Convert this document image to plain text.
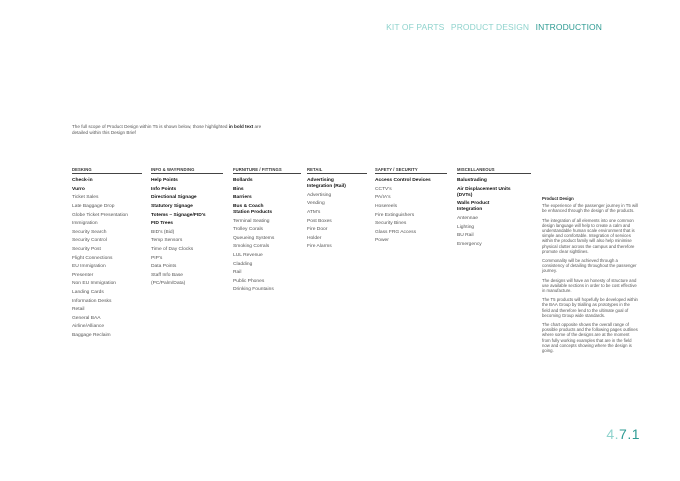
KIT OF PARTS PRODUCT DESIGN INTRODUCTION
The full scope of Product Design within T5 is shown below, those highlighted in bold text are detailed within this Design Brief
DESKING
Check-in
Vurro
Ticket Sales
Late Baggage Drop
Globe Ticket Presentation
Immigration
Security Search
Security Control
Security Post
Flight Connections
EU Immigration
Presenter
Non EU Immigration
Landing Cards
Information Desks
Retail
General BAA
Airline/Alliance
Baggage Reclaim
INFO & WAYFINDING
Help Points
Info Points
Directional Signage
Statutory Signage
Totems – Signage/FID's
FID Trees
BID's (Bid)
Temp Sensors
Time of Day Clocks
PIP's
Data Points
Staff Info Base
(PC/Palm/Data)
FURNITURE / FITTINGS
Bollards
Bins
Barriers
Bus & Coach
Station Products
Terminal Seating
Trolley Corals
Queueing Systems
Smoking Corrals
LUL Revenue
Cladding
Rail
Public Phones
Drinking Fountains
RETAIL
Advertising
Integration (Rail)
Advertising
Vending
ATM's
Post Boxes
Fire Door
Holder
Fire Alarms
SAFETY / SECURITY
Access Control Devices
CCTV's
PA/IA's
Hosereels
Fire Extinguishers
Security Bines
Glass FRG Access
Power
MISCELLANEOUS
Balustrading
Air Displacement Units
(DVTs)
Walls Product
Integration
Antennae
Lighting
BU Rail
Emergency
Product Design

The experience of the passenger journey in T5 will be enhanced through the design of the products.

The integration of all elements into one common design language will help to create a calm and understandable human scale environment that is simple and comfortable. Integration of services within the product family will also help minimise physical clutter across the campus and therefore promote clear sightlines.

Commonality will be achieved through a consistency of detailing throughout the passenger journey.

The designs will have an honesty of structure and use available sections in order to be cost effective in manufacture.

The T5 products will hopefully be developed within the BAA Group by trialling as prototypes in the field and therefore lend to the ultimate goal of becoming Group wide standards.

The chart opposite shows the overall range of possible products and the following pages outlines where some of the designs are at the moment from fully working examples that are in the field now and concepts showing where the design is going.

4.7.1
